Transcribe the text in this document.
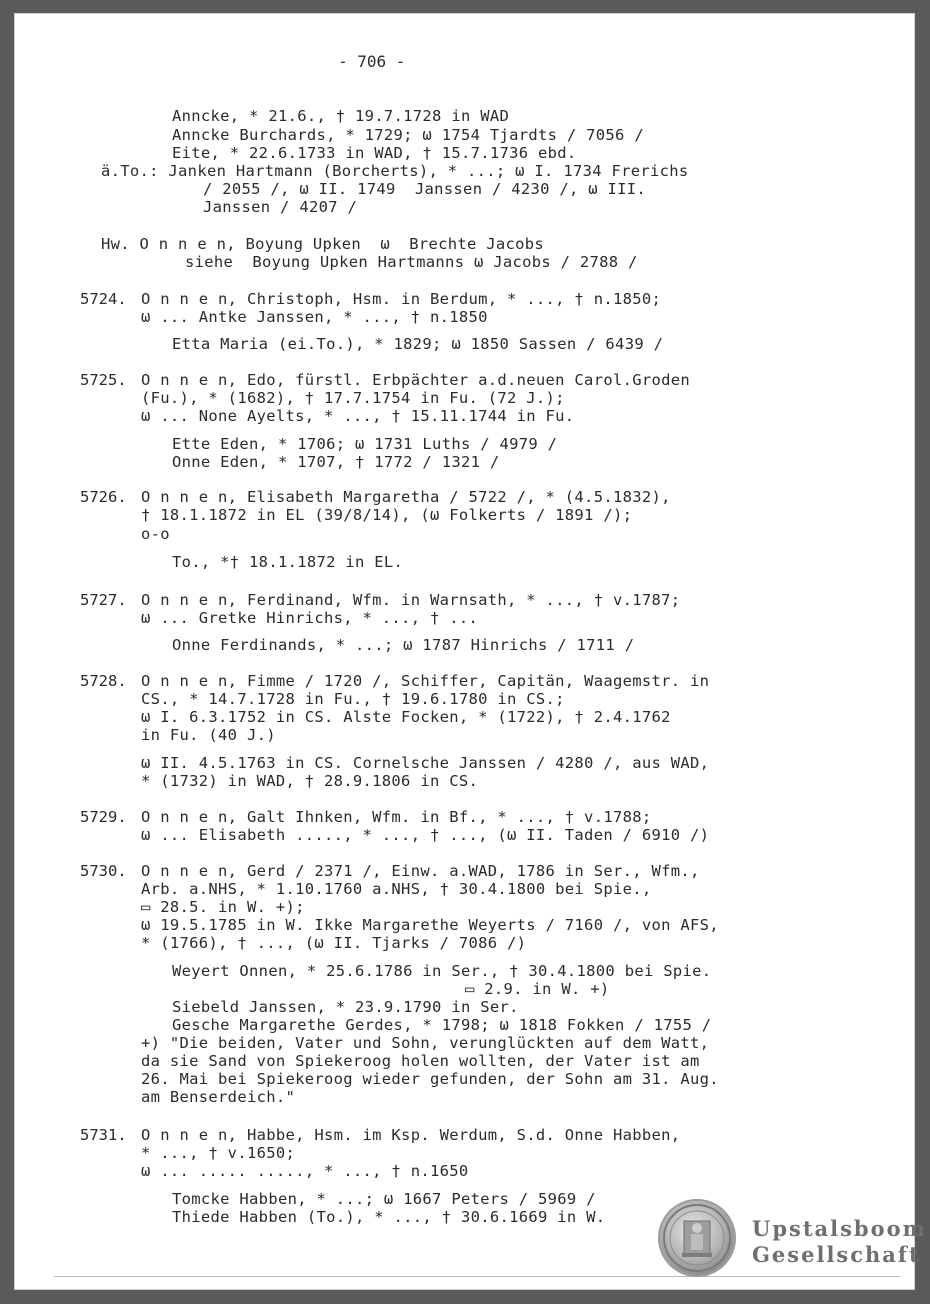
- 706 -
5724.
5725.
5726.
5727.
5728.
5729.
5730.
5731.
Anncke, * 21.6., † 19.7.1728 in WAD
Anncke Burchards, * 1729; ω 1754 Tjardts / 7056 /
Eite, * 22.6.1733 in WAD, † 15.7.1736 ebd.
ä.To.: Janken Hartmann (Borcherts), * ...; ω I. 1734 Frerichs
/ 2055 /, ω II. 1749  Janssen / 4230 /, ω III.
Janssen / 4207 /
Hw. O n n e n, Boyung Upken  ω  Brechte Jacobs
siehe  Boyung Upken Hartmanns ω Jacobs / 2788 /
O n n e n, Christoph, Hsm. in Berdum, * ..., † n.1850;
ω ... Antke Janssen, * ..., † n.1850
Etta Maria (ei.To.), * 1829; ω 1850 Sassen / 6439 /
O n n e n, Edo, fürstl. Erbpächter a.d.neuen Carol.Groden
(Fu.), * (1682), † 17.7.1754 in Fu. (72 J.);
ω ... None Ayelts, * ..., † 15.11.1744 in Fu.
Ette Eden, * 1706; ω 1731 Luths / 4979 /
Onne Eden, * 1707, † 1772 / 1321 /
O n n e n, Elisabeth Margaretha / 5722 /, * (4.5.1832),
† 18.1.1872 in EL (39/8/14), (ω Folkerts / 1891 /);
o-o
To., *† 18.1.1872 in EL.
O n n e n, Ferdinand, Wfm. in Warnsath, * ..., † v.1787;
ω ... Gretke Hinrichs, * ..., † ...
Onne Ferdinands, * ...; ω 1787 Hinrichs / 1711 /
O n n e n, Fimme / 1720 /, Schiffer, Capitän, Waagemstr. in
CS., * 14.7.1728 in Fu., † 19.6.1780 in CS.;
ω I. 6.3.1752 in CS. Alste Focken, * (1722), † 2.4.1762
in Fu. (40 J.)
ω II. 4.5.1763 in CS. Cornelsche Janssen / 4280 /, aus WAD,
* (1732) in WAD, † 28.9.1806 in CS.
O n n e n, Galt Ihnken, Wfm. in Bf., * ..., † v.1788;
ω ... Elisabeth ....., * ..., † ..., (ω II. Taden / 6910 /)
O n n e n, Gerd / 2371 /, Einw. a.WAD, 1786 in Ser., Wfm.,
Arb. a.NHS, * 1.10.1760 a.NHS, † 30.4.1800 bei Spie.,
▭ 28.5. in W. +);
ω 19.5.1785 in W. Ikke Margarethe Weyerts / 7160 /, von AFS,
* (1766), † ..., (ω II. Tjarks / 7086 /)
Weyert Onnen, * 25.6.1786 in Ser., † 30.4.1800 bei Spie.
▭ 2.9. in W. +)
Siebeld Janssen, * 23.9.1790 in Ser.
Gesche Margarethe Gerdes, * 1798; ω 1818 Fokken / 1755 /
+) "Die beiden, Vater und Sohn, verunglückten auf dem Watt,
da sie Sand von Spiekeroog holen wollten, der Vater ist am
26. Mai bei Spiekeroog wieder gefunden, der Sohn am 31. Aug.
am Benserdeich."
O n n e n, Habbe, Hsm. im Ksp. Werdum, S.d. Onne Habben,
* ..., † v.1650;
ω ... ..... ....., * ..., † n.1650
Tomcke Habben, * ...; ω 1667 Peters / 5969 /
Thiede Habben (To.), * ..., † 30.6.1669 in W.	Upstalsboom
Gesellschaft
